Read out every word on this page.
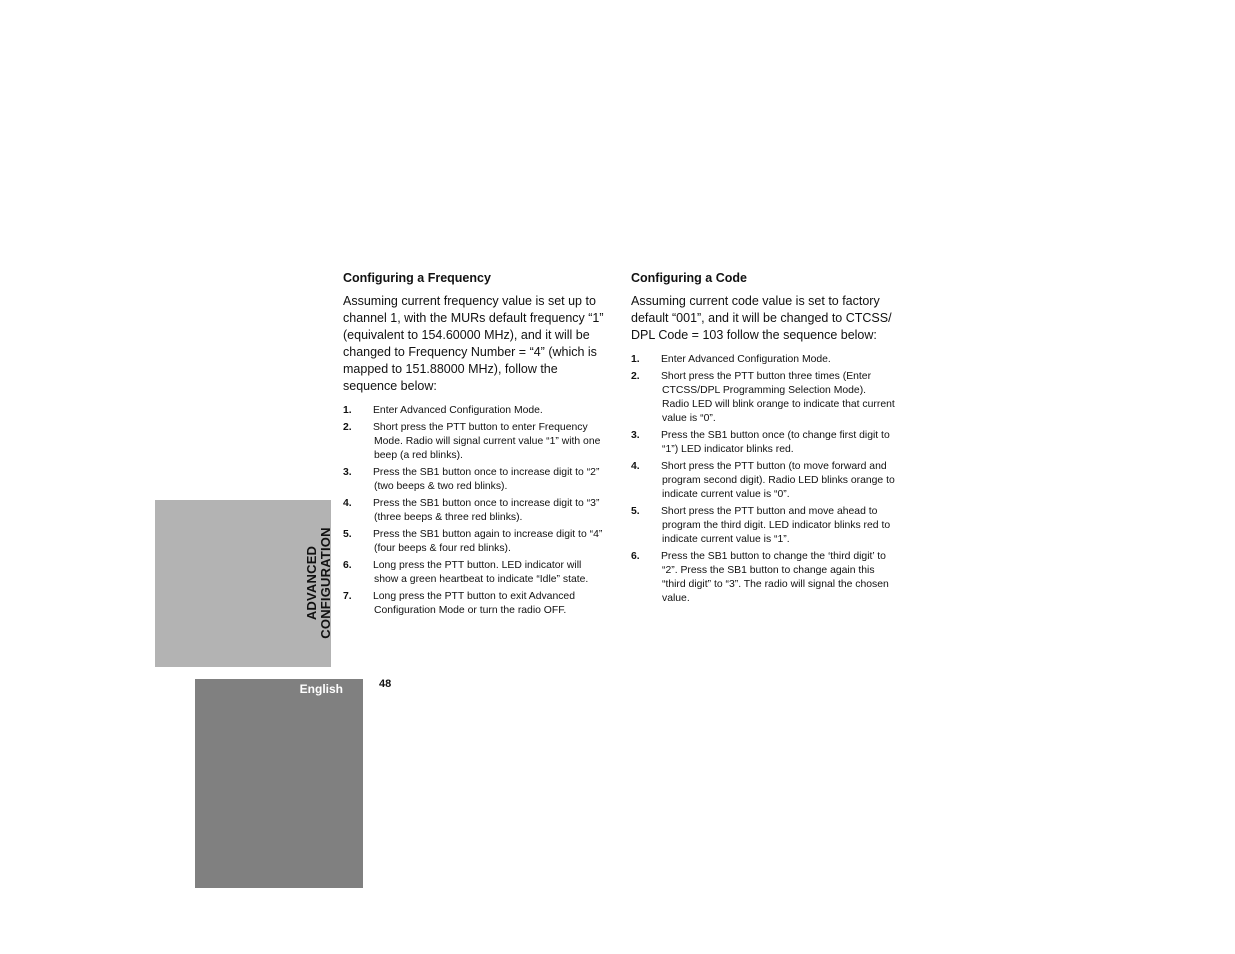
ADVANCED CONFIGURATION
English	48
Configuring a Frequency

Assuming current frequency value is set up to channel 1, with the MURs default frequency “1” (equivalent to 154.60000 MHz), and it will be changed to Frequency Number = “4” (which is mapped to 151.88000 MHz), follow the sequence below:

1. Enter Advanced Configuration Mode.
2. Short press the PTT button to enter Frequency Mode. Radio will signal current value “1” with one beep (a red blinks).
3. Press the SB1 button once to increase digit to “2” (two beeps & two red blinks).
4. Press the SB1 button once to increase digit to “3” (three beeps & three red blinks).
5. Press the SB1 button again to increase digit to “4” (four beeps & four red blinks).
6. Long press the PTT button. LED indicator will show a green heartbeat to indicate “Idle” state.
7. Long press the PTT button to exit Advanced Configuration Mode or turn the radio OFF.
Configuring a Code

Assuming current code value is set to factory default “001”, and it will be changed to CTCSS/ DPL Code = 103 follow the sequence below:

1. Enter Advanced Configuration Mode.
2. Short press the PTT button three times (Enter CTCSS/DPL Programming Selection Mode). Radio LED will blink orange to indicate that current value is “0”.
3. Press the SB1 button once (to change first digit to “1”) LED indicator blinks red.
4. Short press the PTT button (to move forward and program second digit). Radio LED blinks orange to indicate current value is “0”.
5. Short press the PTT button and move ahead to program the third digit. LED indicator blinks red to indicate current value is “1”.
6. Press the SB1 button to change the ‘third digit’ to “2”. Press the SB1 button to change again this “third digit” to “3”. The radio will signal the chosen value.
